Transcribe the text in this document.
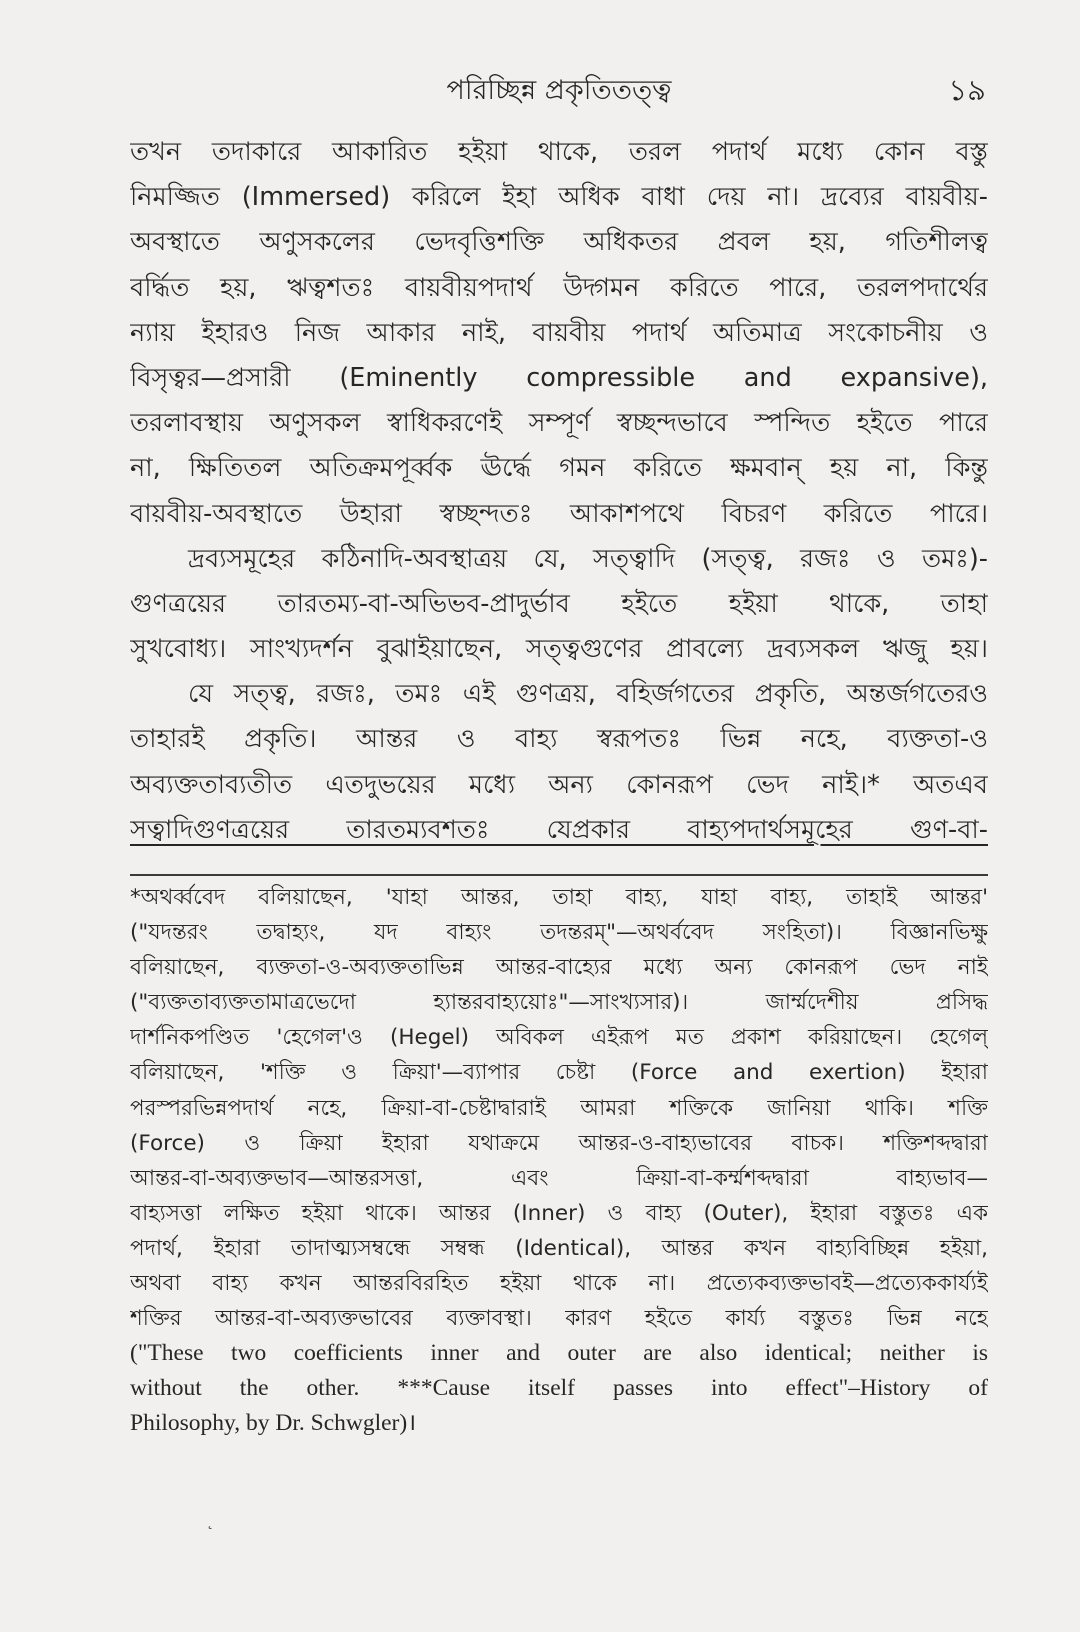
পরিচ্ছিন্ন প্রকৃতিতত্ত্ব	১৯
তখন তদাকারে আকারিত হইয়া থাকে, তরল পদার্থ মধ্যে কোন বস্তু
নিমজ্জিত (Immersed) করিলে ইহা অধিক বাধা দেয় না। দ্রব্যের বায়বীয়-
অবস্থাতে অণুসকলের ভেদবৃত্তিশক্তি অধিকতর প্রবল হয়, গতিশীলত্ব
বর্দ্ধিত হয়, ঋত্বশতঃ বায়বীয়পদার্থ উদ্গমন করিতে পারে, তরলপদার্থের
ন্যায় ইহারও নিজ আকার নাই, বায়বীয় পদার্থ অতিমাত্র সংকোচনীয় ও
বিসৃত্বর—প্রসারী (Eminently compressible and expansive),
তরলাবস্থায় অণুসকল স্বাধিকরণেই সম্পূর্ণ স্বচ্ছন্দভাবে স্পন্দিত হইতে পারে
না, ক্ষিতিতল অতিক্রমপূর্ব্বক ঊর্দ্ধে গমন করিতে ক্ষমবান্ হয় না, কিন্তু
বায়বীয়-অবস্থাতে উহারা স্বচ্ছন্দতঃ আকাশপথে বিচরণ করিতে পারে।
দ্রব্যসমূহের কঠিনাদি-অবস্থাত্রয় যে, সত্ত্বাদি (সত্ত্ব, রজঃ ও তমঃ)-
গুণত্রয়ের তারতম্য-বা-অভিভব-প্রাদুর্ভাব হইতে হইয়া থাকে, তাহা
সুখবোধ্য। সাংখ্যদর্শন বুঝাইয়াছেন, সত্ত্বগুণের প্রাবল্যে দ্রব্যসকল ঋজু হয়।
যে সত্ত্ব, রজঃ, তমঃ এই গুণত্রয়, বহির্জগতের প্রকৃতি, অন্তর্জগতেরও
তাহারই প্রকৃতি। আন্তর ও বাহ্য স্বরূপতঃ ভিন্ন নহে, ব্যক্ততা-ও
অব্যক্ততাব্যতীত এতদুভয়ের মধ্যে অন্য কোনরূপ ভেদ নাই।* অতএব
সত্বাদিগুণত্রয়ের তারতম্যবশতঃ যেপ্রকার বাহ্যপদার্থসমূহের গুণ-বা-
*অথর্ব্ববেদ বলিয়াছেন, 'যাহা আন্তর, তাহা বাহ্য, যাহা বাহ্য, তাহাই আন্তর'
("যদন্তরং তদ্বাহ্যং, যদ বাহ্যং তদন্তরম্"—অথর্ববেদ সংহিতা)। বিজ্ঞানভিক্ষু
বলিয়াছেন, ব্যক্ততা-ও-অব্যক্ততাভিন্ন আন্তর-বাহ্যের মধ্যে অন্য কোনরূপ ভেদ নাই
("ব্যক্ততাব্যক্ততামাত্রভেদো হ্যান্তরবাহ্যয়োঃ"—সাংখ্যসার)। জার্ম্মদেশীয় প্রসিদ্ধ
দার্শনিকপণ্ডিত 'হেগেল'ও (Hegel) অবিকল এইরূপ মত প্রকাশ করিয়াছেন। হেগেল্
বলিয়াছেন, 'শক্তি ও ক্রিয়া'—ব্যাপার চেষ্টা (Force and exertion) ইহারা
পরস্পরভিন্নপদার্থ নহে, ক্রিয়া-বা-চেষ্টাদ্বারাই আমরা শক্তিকে জানিয়া থাকি। শক্তি
(Force) ও ক্রিয়া ইহারা যথাক্রমে আন্তর-ও-বাহ্যভাবের বাচক। শক্তিশব্দদ্বারা
আন্তর-বা-অব্যক্তভাব—আন্তরসত্তা, এবং ক্রিয়া-বা-কর্ম্মশব্দদ্বারা বাহ্যভাব—
বাহ্যসত্তা লক্ষিত হইয়া থাকে। আন্তর (Inner) ও বাহ্য (Outer), ইহারা বস্তুতঃ এক
পদার্থ, ইহারা তাদাত্ম্যসম্বন্ধে সম্বন্ধ (Identical), আন্তর কখন বাহ্যবিচ্ছিন্ন হইয়া,
অথবা বাহ্য কখন আন্তরবিরহিত হইয়া থাকে না। প্রত্যেকব্যক্তভাবই—প্রত্যেককার্য্যই
শক্তির আন্তর-বা-অব্যক্তভাবের ব্যক্তাবস্থা। কারণ হইতে কার্য্য বস্তুতঃ ভিন্ন নহে
("These two coefficients inner and outer are also identical; neither is
without the other. ***Cause itself passes into effect"–History of
Philosophy, by Dr. Schwgler)।
˛
